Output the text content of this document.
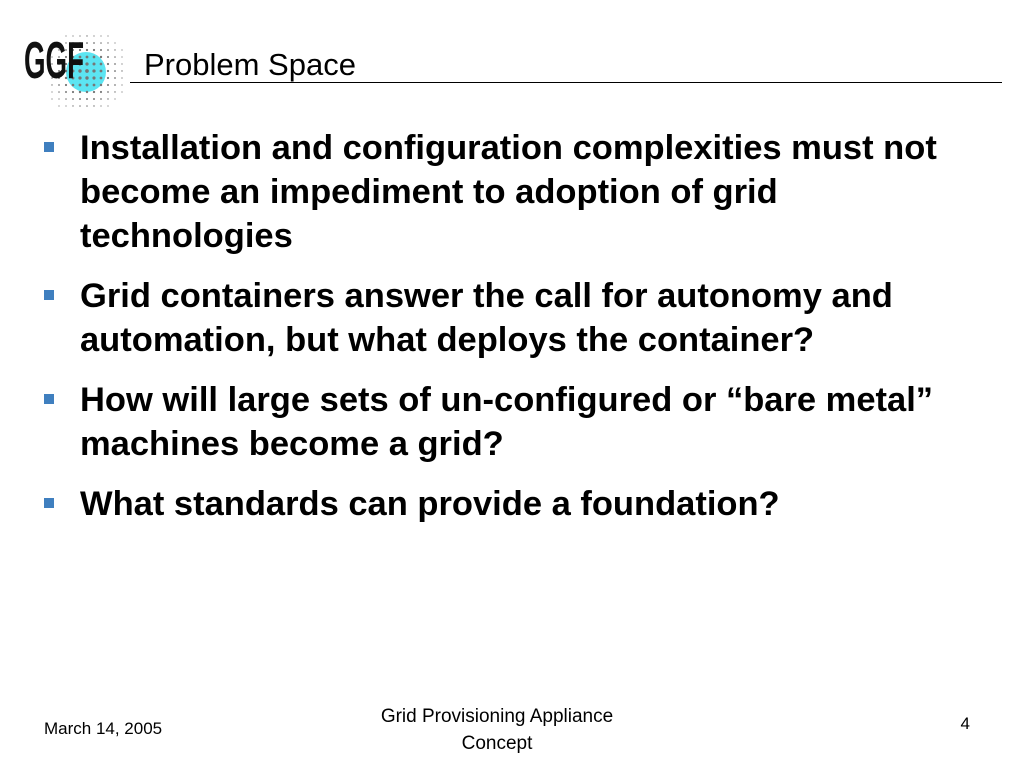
GGF Problem Space
Installation and configuration complexities must not become an impediment to adoption of grid technologies
Grid containers answer the call for autonomy and automation, but what deploys the container?
How will large sets of un-configured or “bare metal” machines become a grid?
What standards can provide a foundation?
March 14, 2005
Grid Provisioning Appliance
Concept
4
